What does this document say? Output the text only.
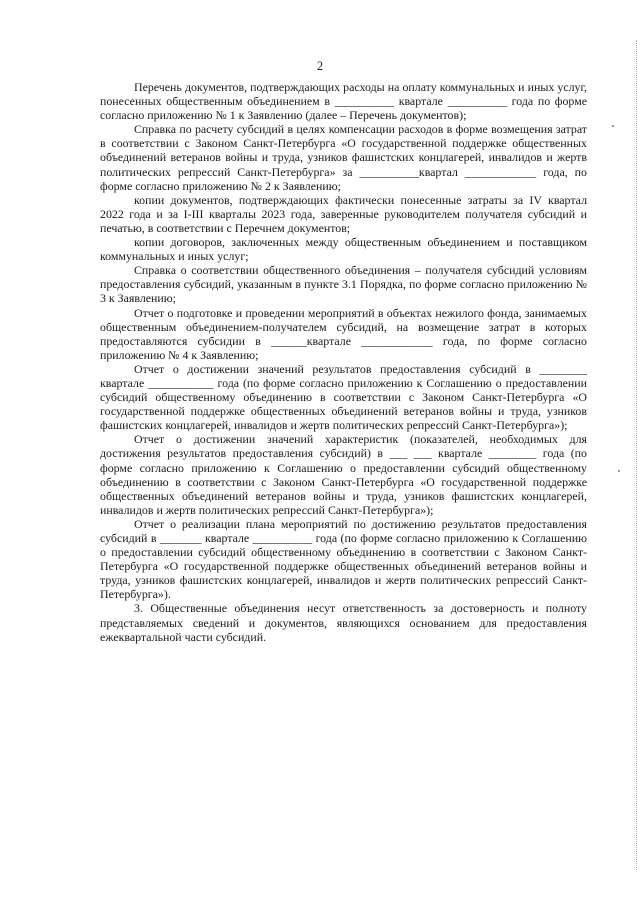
2

Перечень документов, подтверждающих расходы на оплату коммунальных и иных услуг, понесенных общественным объединением в __________ квартале __________ года по форме согласно приложению № 1 к Заявлению (далее – Перечень документов);

Справка по расчету субсидий в целях компенсации расходов в форме возмещения затрат в соответствии с Законом Санкт-Петербурга «О государственной поддержке общественных объединений ветеранов войны и труда, узников фашистских концлагерей, инвалидов и жертв политических репрессий Санкт-Петербурга» за __________квартал ____________ года, по форме согласно приложению № 2 к Заявлению;

копии документов, подтверждающих фактически понесенные затраты за IV квартал 2022 года и за I-III кварталы 2023 года, заверенные руководителем получателя субсидий и печатью, в соответствии с Перечнем документов;

копии договоров, заключенных между общественным объединением и поставщиком коммунальных и иных услуг;

Справка о соответствии общественного объединения – получателя субсидий условиям предоставления субсидий, указанным в пункте 3.1 Порядка, по форме согласно приложению № 3 к Заявлению;

Отчет о подготовке и проведении мероприятий в объектах нежилого фонда, занимаемых общественным объединением-получателем субсидий, на возмещение затрат в которых предоставляются субсидии в ______квартале ____________ года, по форме согласно приложению № 4 к Заявлению;

Отчет о достижении значений результатов предоставления субсидий в ________ квартале ___________ года (по форме согласно приложению к Соглашению о предоставлении субсидий общественному объединению в соответствии с Законом Санкт-Петербурга «О государственной поддержке общественных объединений ветеранов войны и труда, узников фашистских концлагерей, инвалидов и жертв политических репрессий Санкт-Петербурга»);

Отчет о достижении значений характеристик (показателей, необходимых для достижения результатов предоставления субсидий) в ___ ___ квартале ________ года (по форме согласно приложению к Соглашению о предоставлении субсидий общественному объединению в соответствии с Законом Санкт-Петербурга «О государственной поддержке общественных объединений ветеранов войны и труда, узников фашистских концлагерей, инвалидов и жертв политических репрессий Санкт-Петербурга»);

Отчет о реализации плана мероприятий по достижению результатов предоставления субсидий в _______ квартале __________ года (по форме согласно приложению к Соглашению о предоставлении субсидий общественному объединению в соответствии с Законом Санкт-Петербурга «О государственной поддержке общественных объединений ветеранов войны и труда, узников фашистских концлагерей, инвалидов и жертв политических репрессий Санкт-Петербурга»).

3. Общественные объединения несут ответственность за достоверность и полноту представляемых сведений и документов, являющихся основанием для предоставления ежеквартальной части субсидий.
